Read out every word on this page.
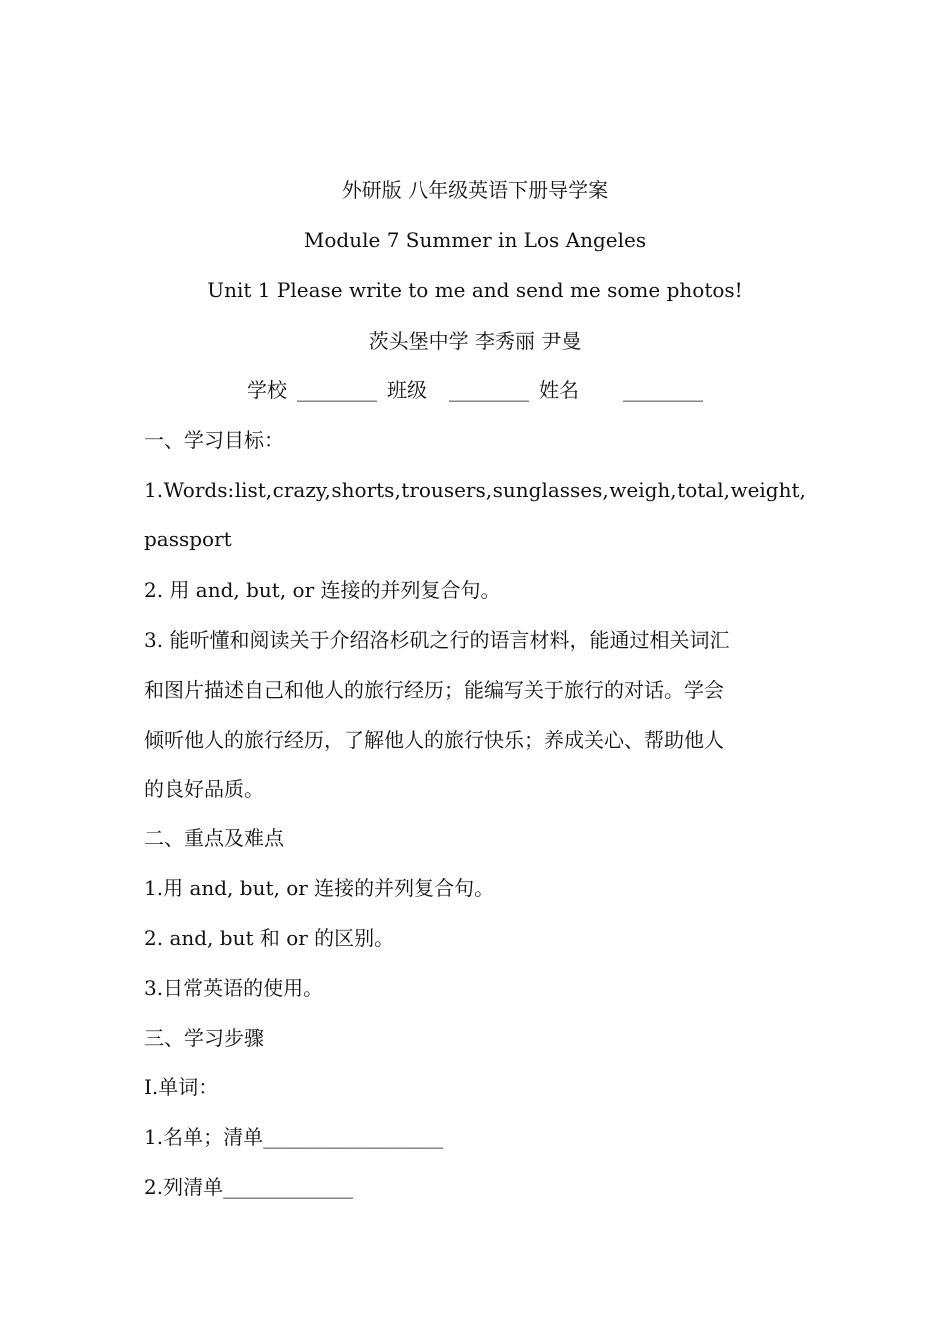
外研版 八年级英语下册导学案
Module 7 Summer in Los Angeles
Unit 1 Please write to me and send me some photos!
茨头堡中学 李秀丽 尹曼
学校 ________ 班级 ________ 姓名 ________
一、学习目标：
1. Words: list, crazy, shorts, trousers, sunglasses, weigh, total, weight,
passport
2. 用 and, but, or 连接的并列复合句。
3. 能听懂和阅读关于介绍洛杉矶之行的语言材料，能通过相关词汇
和图片描述自己和他人的旅行经历；能编写关于旅行的对话。学会
倾听他人的旅行经历，了解他人的旅行快乐；养成关心、帮助他人
的良好品质。
二、重点及难点
1.用 and, but, or 连接的并列复合句。
2. and, but 和 or 的区别。
3.日常英语的使用。
三、学习步骤
I.单词：
1.名单；清单__________________
2.列清单_____________
